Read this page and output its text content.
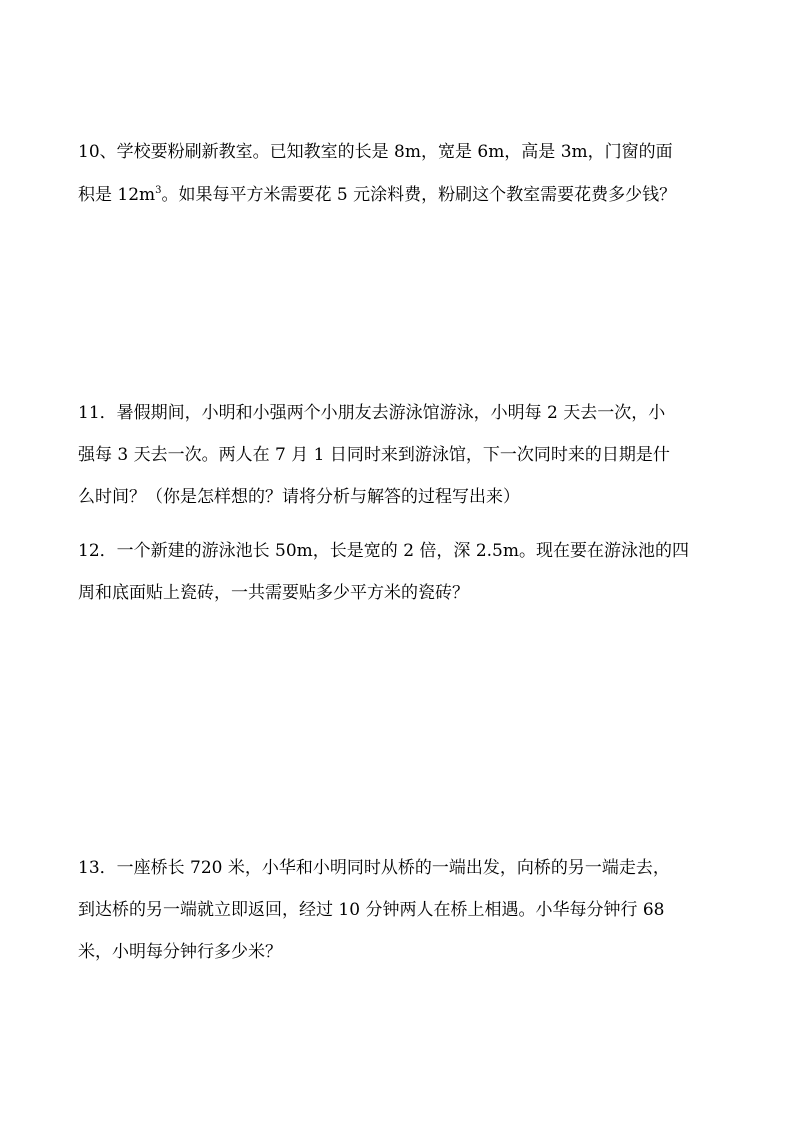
10、学校要粉刷新教室。已知教室的长是 8m，宽是 6m，高是 3m，门窗的面
积是 $12m^3$。如果每平方米需要花 5 元涂料费，粉刷这个教室需要花费多少钱？
11．暑假期间，小明和小强两个小朋友去游泳馆游泳，小明每 2 天去一次，小
强每 3 天去一次。两人在 7 月 1 日同时来到游泳馆，下一次同时来的日期是什
么时间？（你是怎样想的？请将分析与解答的过程写出来）
12．一个新建的游泳池长 50m，长是宽的 2 倍，深 2.5m。现在要在游泳池的四
周和底面贴上瓷砖，一共需要贴多少平方米的瓷砖？
13．一座桥长 720 米，小华和小明同时从桥的一端出发，向桥的另一端走去，
到达桥的另一端就立即返回，经过 10 分钟两人在桥上相遇。小华每分钟行 68
米，小明每分钟行多少米？
